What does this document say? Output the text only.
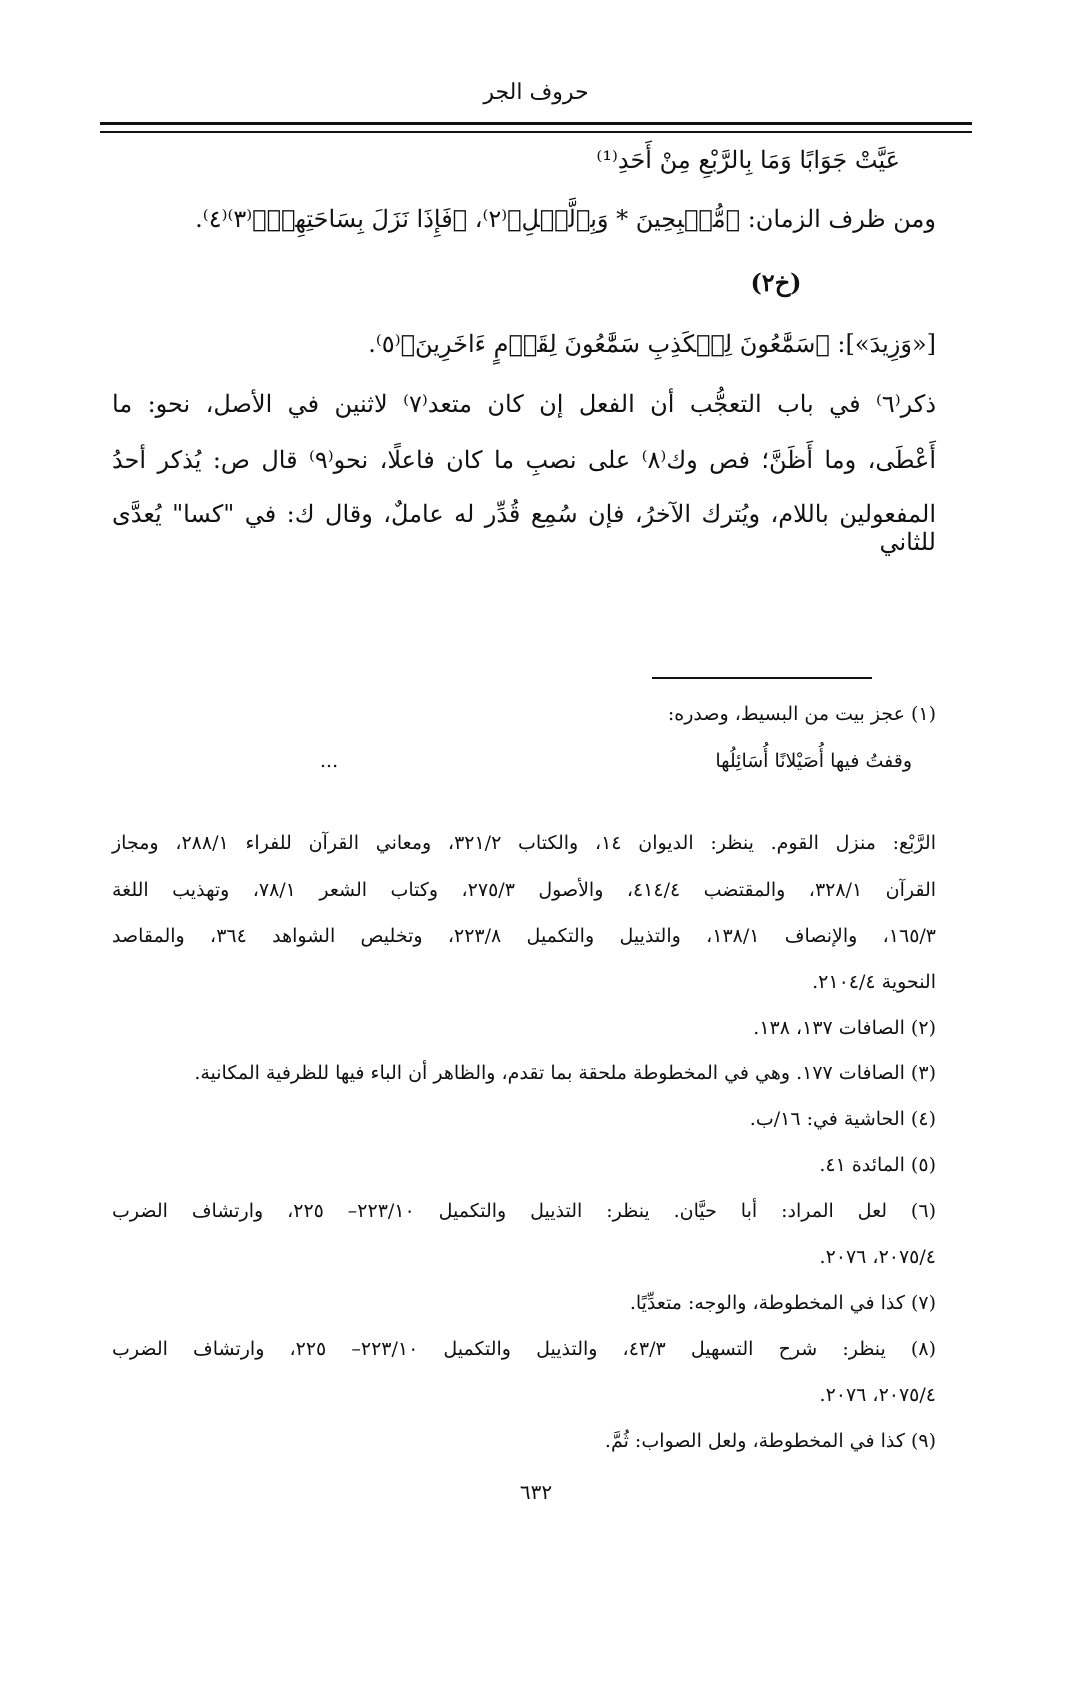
حروف الجر
عَيَّتْ جَوَابًا وَمَا بِالرَّبْعِ مِنْ أَحَدِ⁽¹⁾
ومن ظرف الزمان: ﴿مُّصۡبِحِينَ * وَبِٱلَّيۡلِ﴾⁽٢⁾، ﴿فَإِذَا نَزَلَ بِسَاحَتِهِمۡ﴾⁽٣⁾⁽٤⁾.
(خ٢)
[«وَزِيدَ»]: ﴿سَمَّٰعُونَ لِلۡكَذِبِ سَمَّٰعُونَ لِقَوۡمٍ ءَاخَرِينَ﴾⁽٥⁾.
ذكر⁽٦⁾ في باب التعجُّب أن الفعل إن كان متعد⁽٧⁾ لاثنين في الأصل، نحو: ما
أَعْطَى، وما أَظَنَّ؛ فص وك⁽٨⁾ على نصبِ ما كان فاعلًا، نحو⁽٩⁾ قال ص: يُذكر أحدُ
المفعولين باللام، ويُترك الآخرُ، فإن سُمِع قُدِّر له عاملٌ، وقال ك: في "كسا" يُعدَّى للثاني
(١) عجز بيت من البسيط، وصدره:
وقفتُ فيها أُصَيْلانًا أُسَائِلُها
...
الرَّبْع: منزل القوم. ينظر: الديوان ١٤، والكتاب ٣٢١/٢، ومعاني القرآن للفراء ٢٨٨/١، ومجاز
القرآن ٣٢٨/١، والمقتضب ٤١٤/٤، والأصول ٢٧٥/٣، وكتاب الشعر ٧٨/١، وتهذيب اللغة
١٦٥/٣، والإنصاف ١٣٨/١، والتذييل والتكميل ٢٢٣/٨، وتخليص الشواهد ٣٦٤، والمقاصد
النحوية ٢١٠٤/٤.
(٢) الصافات ١٣٧، ١٣٨.
(٣) الصافات ١٧٧. وهي في المخطوطة ملحقة بما تقدم، والظاهر أن الباء فيها للظرفية المكانية.
(٤) الحاشية في: ١٦/ب.
(٥) المائدة ٤١.
(٦) لعل المراد: أبا حيَّان. ينظر: التذييل والتكميل ٢٢٣/١٠– ٢٢٥، وارتشاف الضرب
٢٠٧٥/٤، ٢٠٧٦.
(٧) كذا في المخطوطة، والوجه: متعدِّيًا.
(٨) ينظر: شرح التسهيل ٤٣/٣، والتذييل والتكميل ٢٢٣/١٠– ٢٢٥، وارتشاف الضرب
٢٠٧٥/٤، ٢٠٧٦.
(٩) كذا في المخطوطة، ولعل الصواب: ثُمَّ.
٦٣٢
